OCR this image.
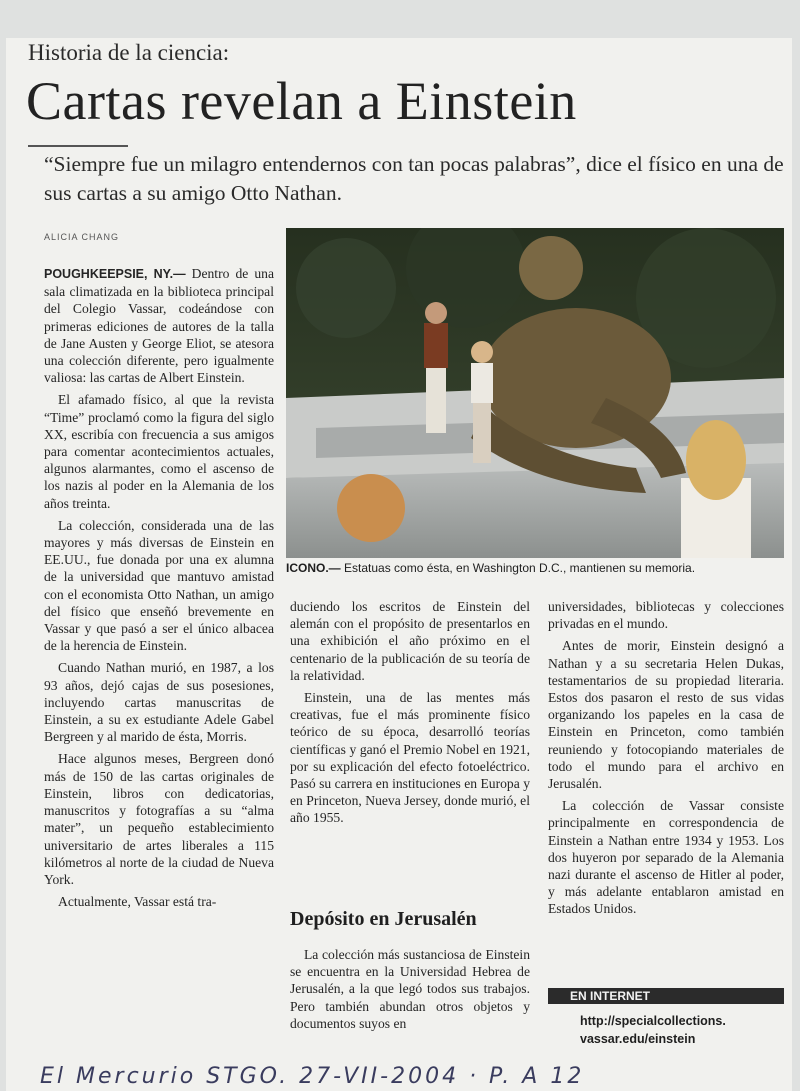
Historia de la ciencia:
Cartas revelan a Einstein
“Siempre fue un milagro entendernos con tan pocas palabras”, dice el físico en una de sus cartas a su amigo Otto Nathan.
ALICIA CHANG
ICONO.— Estatuas como ésta, en Washington D.C., mantienen su memoria.

POUGHKEEPSIE, NY.— Dentro de una sala climatizada en la biblioteca principal del Colegio Vassar, codeándose con primeras ediciones de autores de la talla de Jane Austen y George Eliot, se atesora una colección diferente, pero igualmente valiosa: las cartas de Albert Einstein.

El afamado físico, al que la revista “Time” proclamó como la figura del siglo XX, escribía con frecuencia a sus amigos para comentar acontecimientos actuales, algunos alarmantes, como el ascenso de los nazis al poder en la Alemania de los años treinta.

La colección, considerada una de las mayores y más diversas de Einstein en EE.UU., fue donada por una ex alumna de la universidad que mantuvo amistad con el economista Otto Nathan, un amigo del físico que enseñó brevemente en Vassar y que pasó a ser el único albacea de la herencia de Einstein.

Cuando Nathan murió, en 1987, a los 93 años, dejó cajas de sus posesiones, incluyendo cartas manuscritas de Einstein, a su ex estudiante Adele Gabel Bergreen y al marido de ésta, Morris.

Hace algunos meses, Bergreen donó más de 150 de las cartas originales de Einstein, libros con dedicatorias, manuscritos y fotografías a su “alma mater”, un pequeño establecimiento universitario de artes liberales a 115 kilómetros al norte de la ciudad de Nueva York.

Actualmente, Vassar está tra-

duciendo los escritos de Einstein del alemán con el propósito de presentarlos en una exhibición el año próximo en el centenario de la publicación de su teoría de la relatividad.

Einstein, una de las mentes más creativas, fue el más prominente físico teórico de su época, desarrolló teorías científicas y ganó el Premio Nobel en 1921, por su explicación del efecto fotoeléctrico. Pasó su carrera en instituciones en Europa y en Princeton, Nueva Jersey, donde murió, el año 1955.

Depósito en Jerusalén

La colección más sustanciosa de Einstein se encuentra en la Universidad Hebrea de Jerusalén, a la que legó todos sus trabajos. Pero también abundan otros objetos y documentos suyos en

universidades, bibliotecas y colecciones privadas en el mundo.

Antes de morir, Einstein designó a Nathan y a su secretaria Helen Dukas, testamentarios de su propiedad literaria. Estos dos pasaron el resto de sus vidas organizando los papeles en la casa de Einstein en Princeton, como también reuniendo y fotocopiando materiales de todo el mundo para el archivo en Jerusalén.

La colección de Vassar consiste principalmente en correspondencia de Einstein a Nathan entre 1934 y 1953. Los dos huyeron por separado de la Alemania nazi durante el ascenso de Hitler al poder, y más adelante entablaron amistad en Estados Unidos.

EN INTERNET
http://specialcollections.
vassar.edu/einstein
El Mercurio STGO. 27-VII-2004 · P. A 12
